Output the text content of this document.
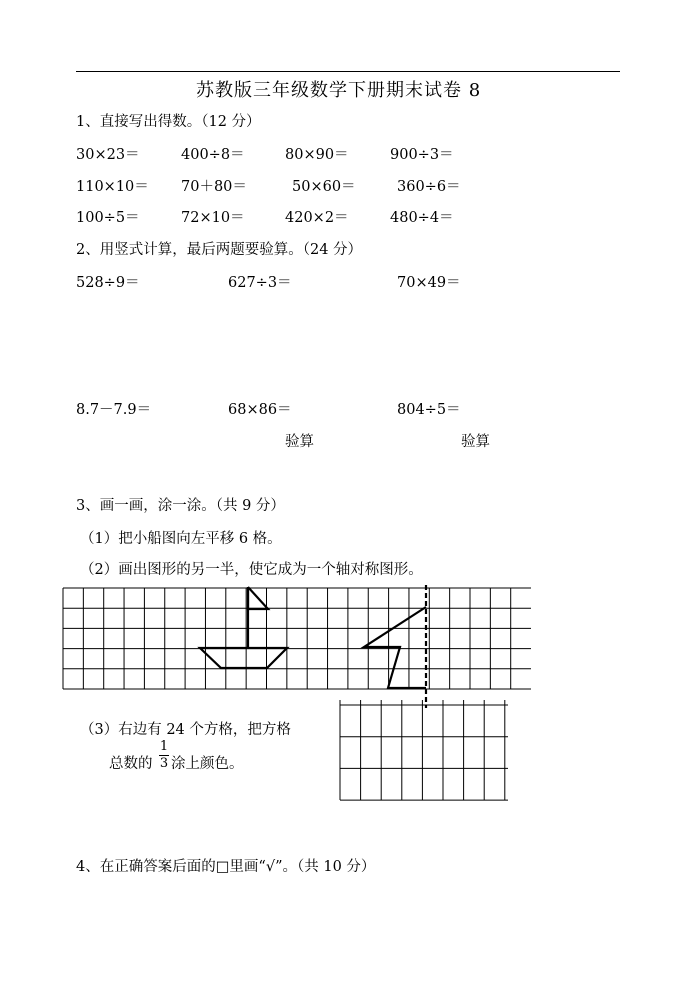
苏教版三年级数学下册期末试卷 8
1、直接写出得数。（12 分）
30×23＝	400÷8＝	80×90＝	900÷3＝
110×10＝ 70＋80＝	50×60＝	360÷6＝
100÷5＝	72×10＝	420×2＝	480÷4＝
2、用竖式计算，最后两题要验算。（24 分）
528÷9＝	627÷3＝	70×49＝
8.7－7.9＝	68×86＝	804÷5＝
验算	验算
3、画一画，涂一涂。（共 9 分）
（1）把小船图向左平移 6 格。
（2）画出图形的另一半，使它成为一个轴对称图形。
（3）右边有 24 个方格，把方格
总数的
1
3 涂上颜色。
4、在正确答案后面的□里画“√”。（共 10 分）
